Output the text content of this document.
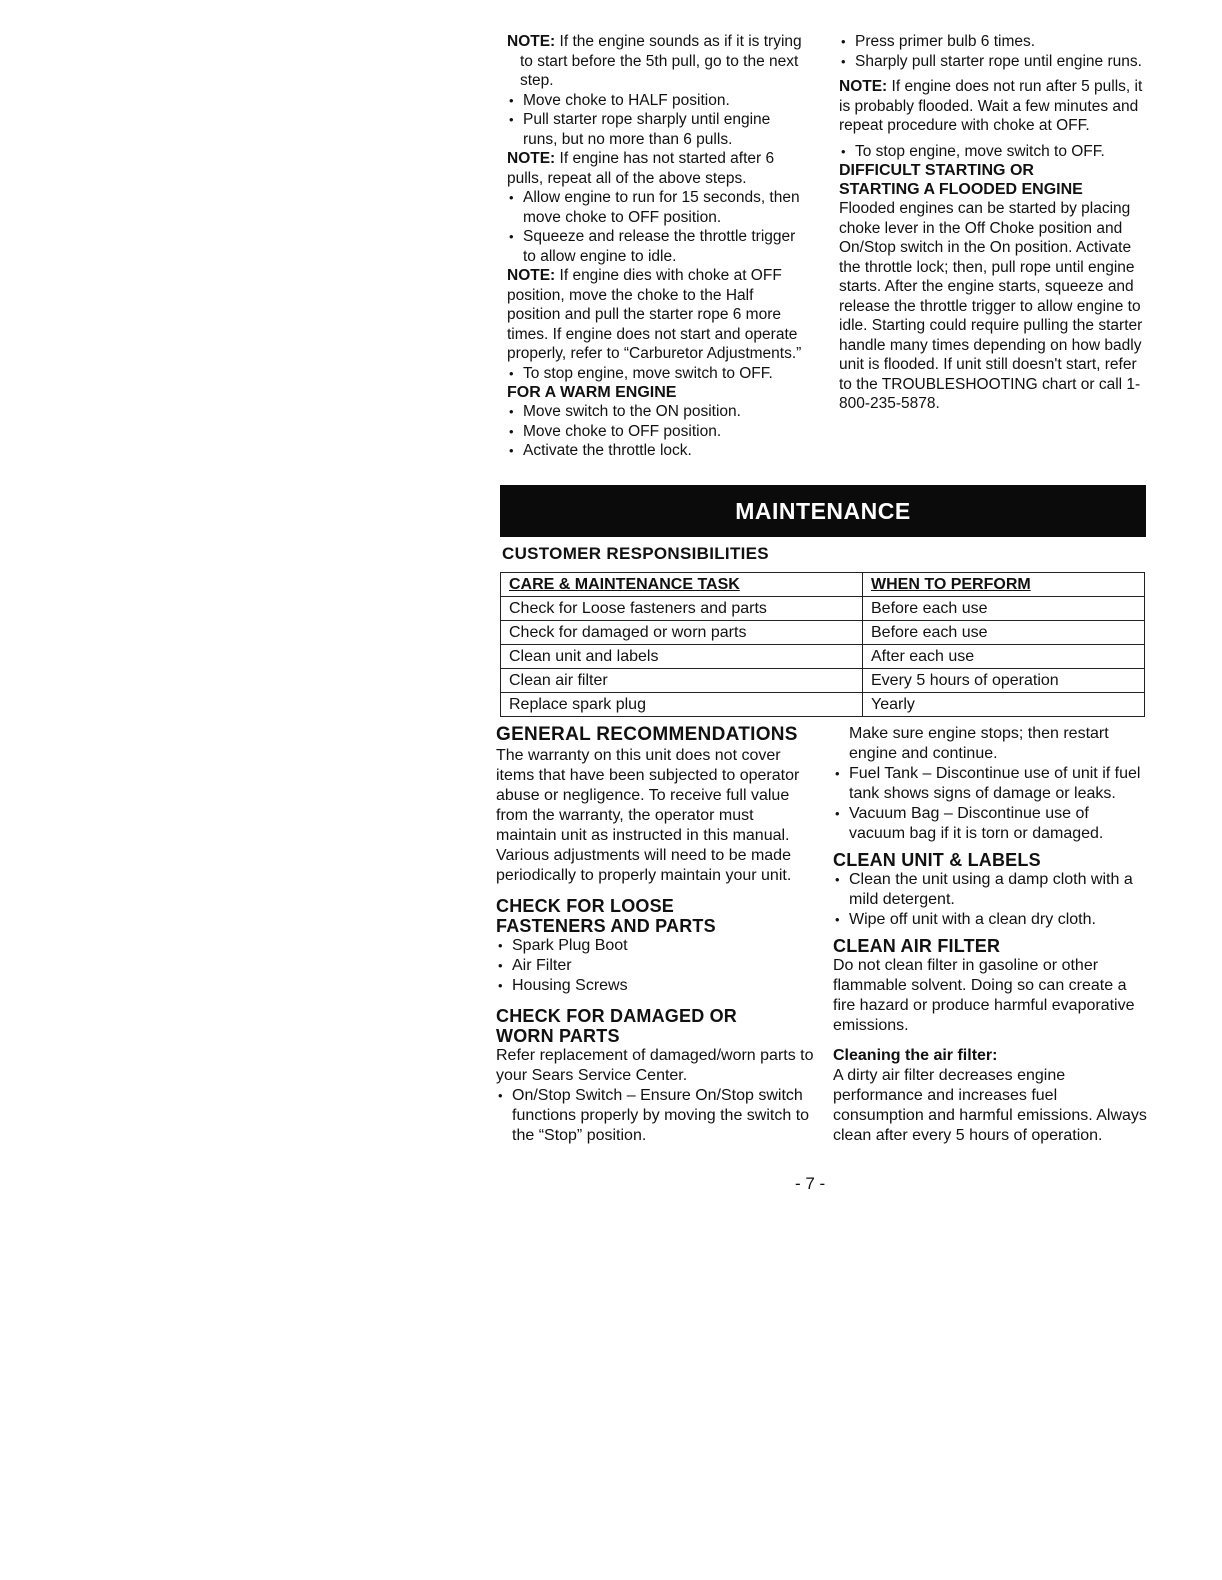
NOTE: If the engine sounds as if it is trying to start before the 5th pull, go to the next step.

• Move choke to HALF position.

• Pull starter rope sharply until engine runs, but no more than 6 pulls.

NOTE: If engine has not started after 6 pulls, repeat all of the above steps.

• Allow engine to run for 15 seconds, then move choke to OFF position.

• Squeeze and release the throttle trigger to allow engine to idle.

NOTE: If engine dies with choke at OFF position, move the choke to the Half position and pull the starter rope 6 more times. If engine does not start and operate properly, refer to “Carburetor Adjustments.”

• To stop engine, move switch to OFF.

FOR A WARM ENGINE

• Move switch to the ON position.

• Move choke to OFF position.

• Activate the throttle lock.

• Press primer bulb 6 times.

• Sharply pull starter rope until engine runs.

NOTE: If engine does not run after 5 pulls, it is probably flooded. Wait a few minutes and repeat procedure with choke at OFF.

• To stop engine, move switch to OFF.

DIFFICULT STARTING OR

STARTING A FLOODED ENGINE

Flooded engines can be started by placing choke lever in the Off Choke position and On/Stop switch in the On position. Activate the throttle lock; then, pull rope until engine starts. After the engine starts, squeeze and release the throttle trigger to allow engine to idle. Starting could require pulling the starter handle many times depending on how badly unit is flooded. If unit still doesn't start, refer to the TROUBLESHOOTING chart or call 1-800-235-5878.

MAINTENANCE
CUSTOMER RESPONSIBILITIES
CARE & MAINTENANCE TASK	WHEN TO PERFORM
Check for Loose fasteners and parts	Before each use
Check for damaged or worn parts	Before each use
Clean unit and labels	After each use
Clean air filter	Every 5 hours of operation
Replace spark plug	Yearly

GENERAL RECOMMENDATIONS

The warranty on this unit does not cover items that have been subjected to operator abuse or negligence. To receive full value from the warranty, the operator must maintain unit as instructed in this manual. Various adjustments will need to be made periodically to properly maintain your unit.

CHECK FOR LOOSE

FASTENERS AND PARTS

• Spark Plug Boot

• Air Filter

• Housing Screws

CHECK FOR DAMAGED OR

WORN PARTS

Refer replacement of damaged/worn parts to your Sears Service Center.

• On/Stop Switch – Ensure On/Stop switch functions properly by moving the switch to the “Stop” position.

Make sure engine stops; then restart engine and continue.

• Fuel Tank – Discontinue use of unit if fuel tank shows signs of damage or leaks.

• Vacuum Bag – Discontinue use of vacuum bag if it is torn or damaged.

CLEAN UNIT & LABELS

• Clean the unit using a damp cloth with a mild detergent.

• Wipe off unit with a clean dry cloth.

CLEAN AIR FILTER

Do not clean filter in gasoline or other flammable solvent. Doing so can create a fire hazard or produce harmful evaporative emissions.

Cleaning the air filter:

A dirty air filter decreases engine performance and increases fuel consumption and harmful emissions. Always clean after every 5 hours of operation.

- 7 -
